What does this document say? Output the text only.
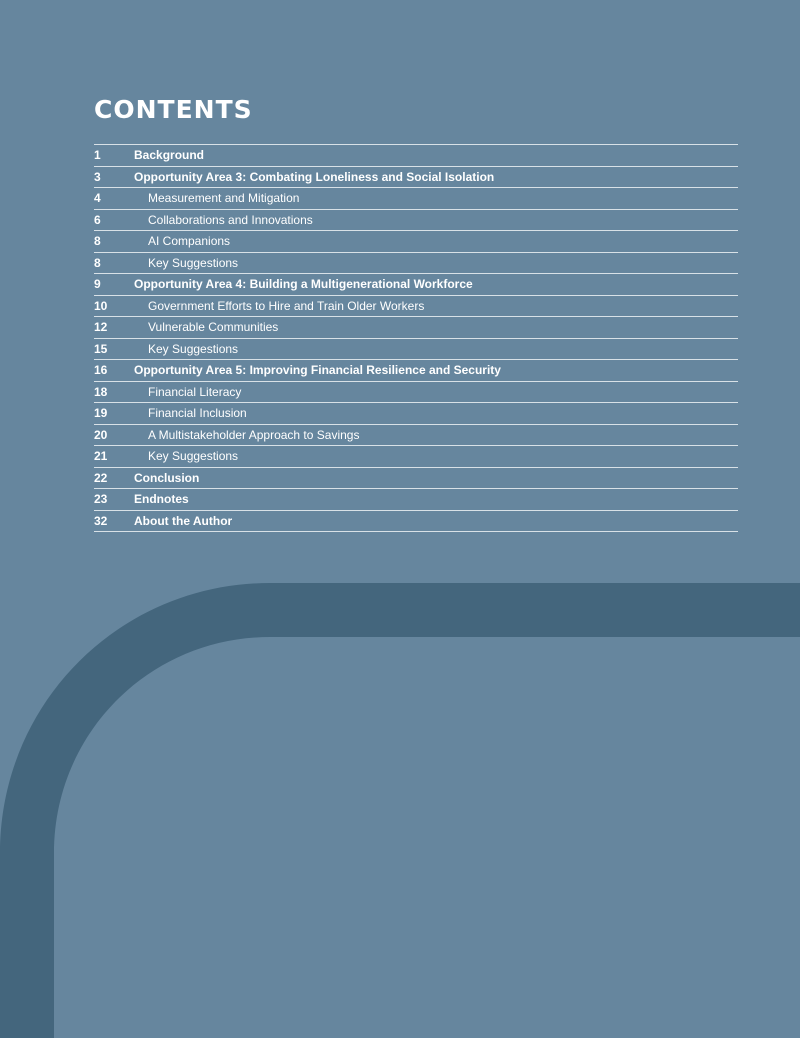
CONTENTS
1	Background
3	Opportunity Area 3: Combating Loneliness and Social Isolation
4	Measurement and Mitigation
6	Collaborations and Innovations
8	AI Companions
8	Key Suggestions
9	Opportunity Area 4: Building a Multigenerational Workforce
10	Government Efforts to Hire and Train Older Workers
12	Vulnerable Communities
15	Key Suggestions
16	Opportunity Area 5: Improving Financial Resilience and Security
18	Financial Literacy
19	Financial Inclusion
20	A Multistakeholder Approach to Savings
21	Key Suggestions
22	Conclusion
23	Endnotes
32	About the Author
